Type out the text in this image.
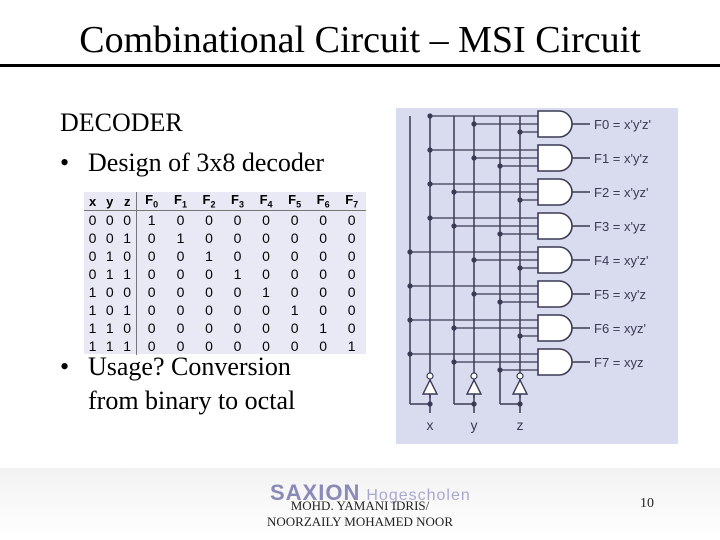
Combinational Circuit – MSI Circuit
DECODER
• Design of 3x8 decoder
x	y	z	$F_0$	$F_1$	$F_2$	$F_3$	$F_4$	$F_5$	$F_6$	$F_7$
0	0	0	1	0	0	0	0	0	0	0
0	0	1	0	1	0	0	0	0	0	0
0	1	0	0	0	1	0	0	0	0	0
0	1	1	0	0	0	1	0	0	0	0
1	0	0	0	0	0	0	1	0	0	0
1	0	1	0	0	0	0	0	1	0	0
1	1	0	0	0	0	0	0	0	1	0
1	1	1	0	0	0	0	0	0	0	1
• Usage? Conversion
from binary to octal
F0 = x'y'z'
F1 = x'y'z
F2 = x'yz'
F3 = x'yz
F4 = xy'z'
F5 = xy'z
F6 = xyz'
F7 = xyz
x	y	z
SAXION Hogescholen
MOHD. YAMANI IDRIS/
NOORZAILY MOHAMED NOOR
10
